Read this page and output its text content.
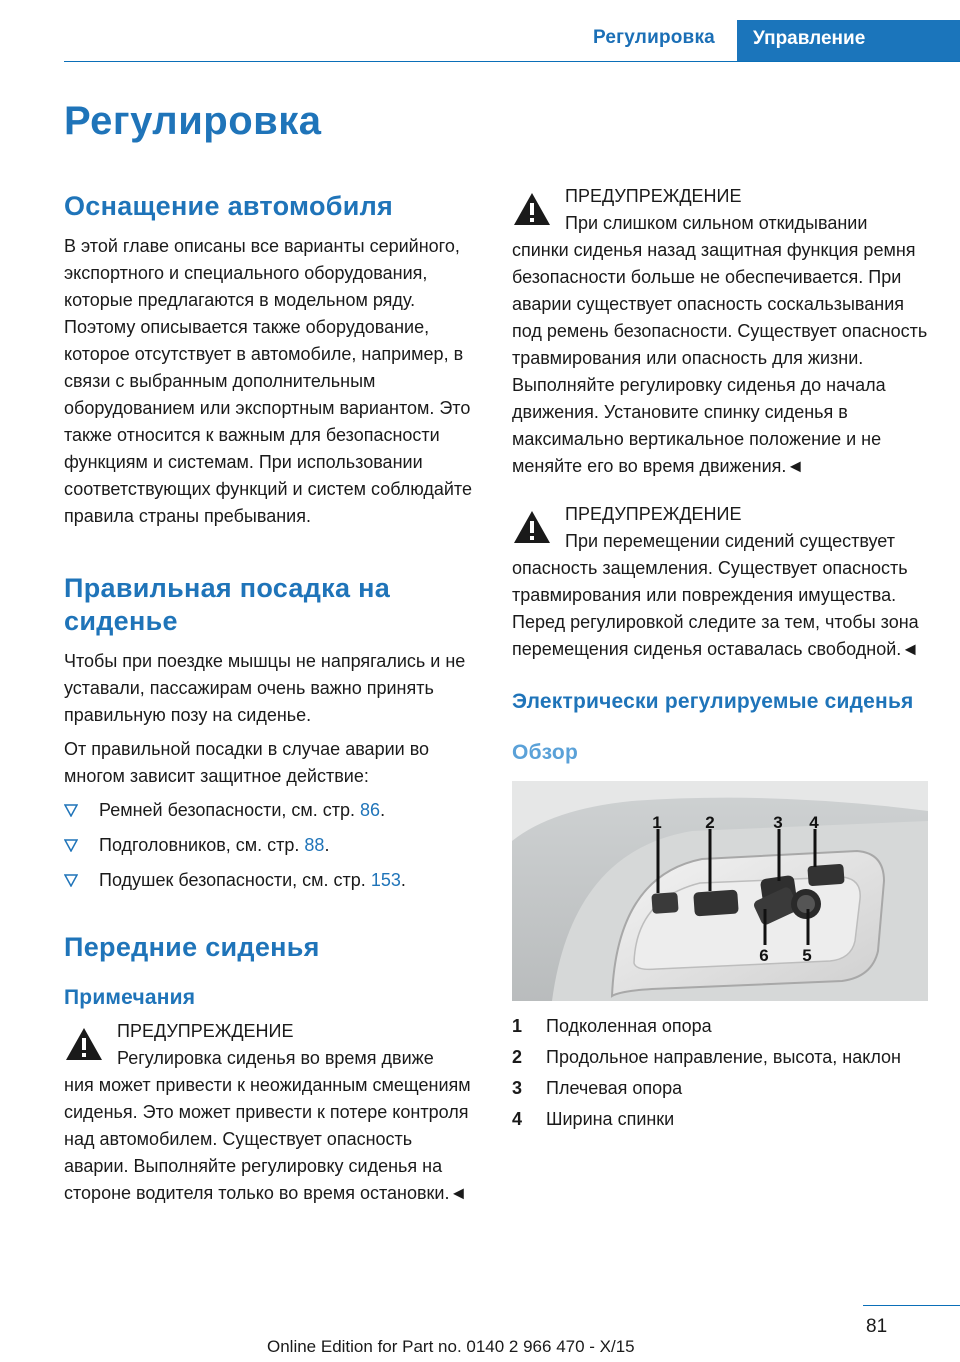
Регулировка	Управление
Регулировка
Оснащение автомобиля

В этой главе описаны все варианты серийного, экспортного и специального оборудования, которые предлагаются в модельном ряду. Поэтому описывается также оборудование, которое отсутствует в автомобиле, например, в связи с выбранным дополнительным оборудованием или экспортным вариантом. Это также относится к важным для безопасности функциям и системам. При использовании соответствующих функций и систем соблюдайте правила страны пребывания.

Правильная посадка на сиденье

Чтобы при поездке мышцы не напрягались и не уставали, пассажирам очень важно принять правильную позу на сиденье.

От правильной посадки в случае аварии во многом зависит защитное действие:

Ремней безопасности, см. стр. 86.
Подголовников, см. стр. 88.
Подушек безопасности, см. стр. 153.
Передние сиденья
Примечания
ПРЕДУПРЕЖДЕНИЕ
Регулировка сиденья во время движе
ния может привести к неожиданным смещениям сиденья. Это может привести к потере контроля над автомобилем. Существует опасность аварии. Выполняйте регулировку сиденья на стороне водителя только во время остановки.◄
ПРЕДУПРЕЖДЕНИЕ
При слишком сильном откидывании
спинки сиденья назад защитная функция ремня безопасности больше не обеспечивается. При аварии существует опасность соскальзывания под ремень безопасности. Существует опасность травмирования или опасность для жизни. Выполняйте регулировку сиденья до начала движения. Установите спинку сиденья в максимально вертикальное положение и не меняйте его во время движения.◄
ПРЕДУПРЕЖДЕНИЕ
При перемещении сидений существует
опасность защемления. Существует опасность травмирования или повреждения имущества. Перед регулировкой следите за тем, чтобы зона перемещения сиденья оставалась свободной.◄
Электрически регулируемые сиденья
Обзор
1	2	3 4
6 5
1	Подколенная опора
2	Продольное направление, высота, наклон
3	Плечевая опора
4	Ширина спинки
81
Online Edition for Part no. 0140 2 966 470 - X/15
